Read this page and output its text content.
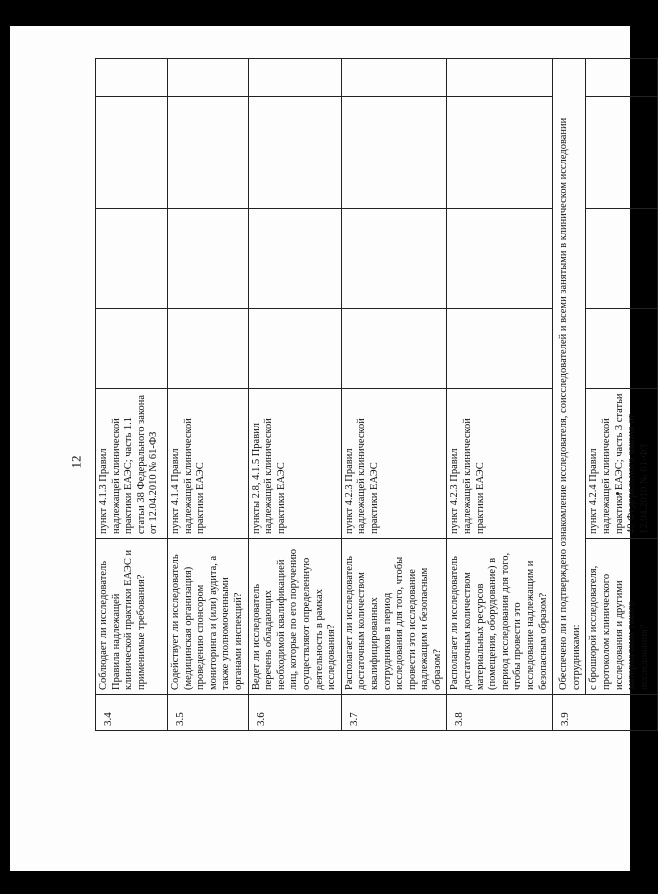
12
3.4	Соблюдает ли исследователь Правила надлежащей клинической практики ЕАЭС и применимые требования?	пункт 4.1.3 Правил надлежащей клинической практики ЕАЭС; часть 1.1 статьи 38 Федерального закона от 12.04.2010 № 61-ФЗ				
3.5	Содействует ли исследователь (медицинская организация) проведению спонсором мониторинга и (или) аудита, а также уполномоченными органами инспекций?	пункт 4.1.4 Правил надлежащей клинической практики ЕАЭС				
3.6	Ведет ли исследователь перечень обладающих необходимой квалификацией лиц, которые по его поручению осуществляют определенную деятельность в рамках исследования?	пункты 2.8, 4.1.5 Правил надлежащей клинической практики ЕАЭС				
3.7	Располагает ли исследователь достаточным количеством квалифицированных сотрудников в период исследования для того, чтобы провести это исследование надлежащим и безопасным образом?	пункт 4.2.3 Правил надлежащей клинической практики ЕАЭС				
3.8	Располагает ли исследователь достаточным количеством материальных ресурсов (помещения, оборудование) в период исследования для того, чтобы провести это исследование надлежащим и безопасным образом?	пункт 4.2.3 Правил надлежащей клинической практики ЕАЭС				
3.9	Обеспечено ли и подтверждено ознакомление исследователя, соисследователей и всеми занятыми в клиническом исследовании сотрудниками:					
	с брошюрой исследователя, протоколом клинического исследования и другими материалами такого исследования?	пункт 4.2.4 Правил надлежащей клинической практики ЕАЭС; часть 3 статьи 40 Федерального закона от 12.04.2010 № 61-ФЗ				
